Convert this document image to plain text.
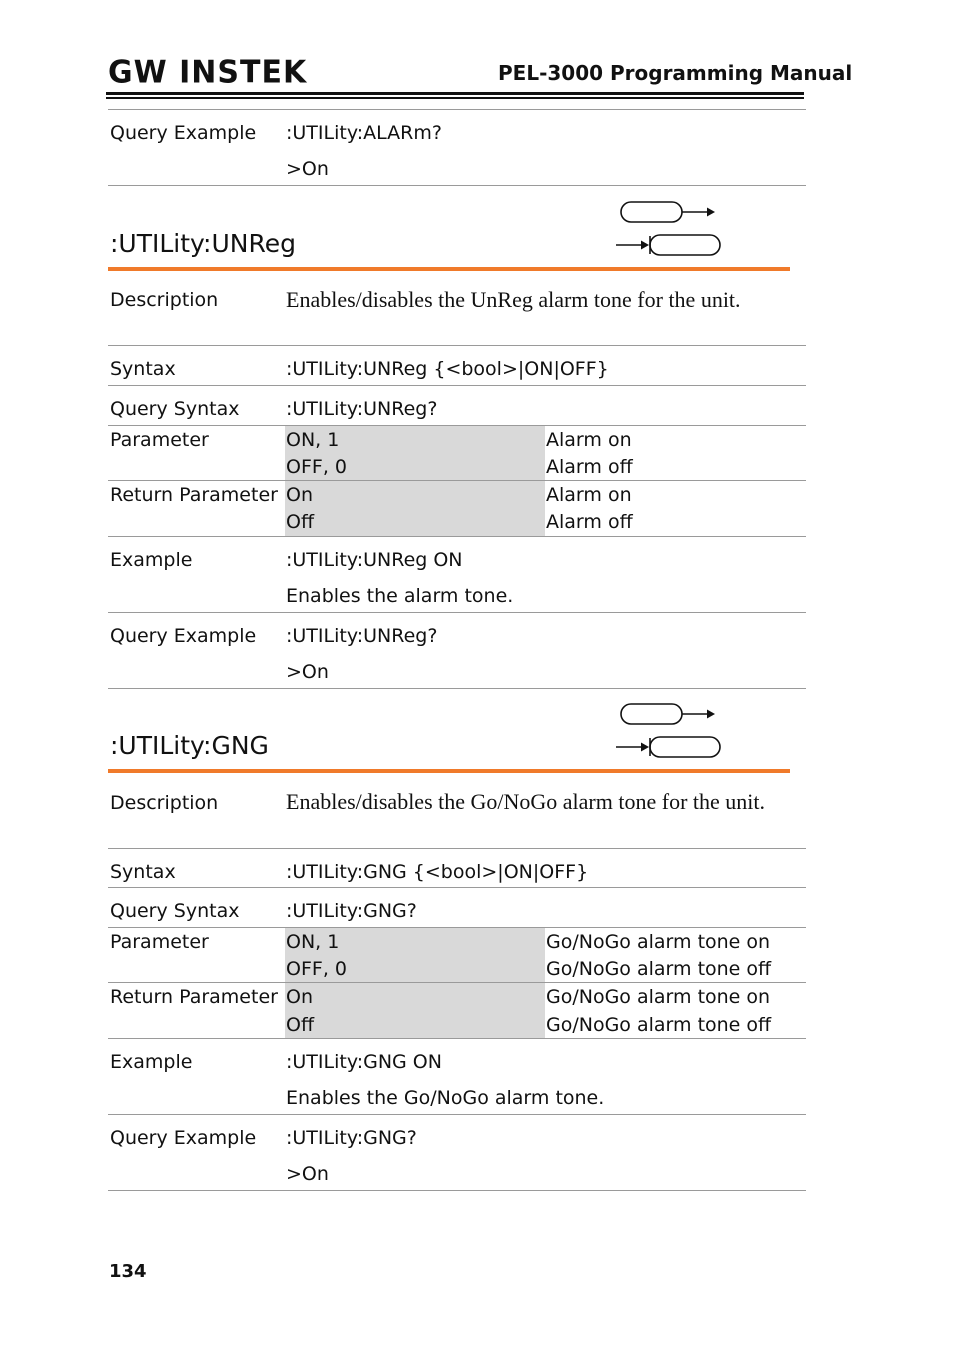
GW INSTEK	PEL-3000 Programming Manual
Query Example :UTILity:ALARm?
>On
:UTILity:UNReg
Description	Enables/disables the UnReg alarm tone for the unit.
Syntax	:UTILity:UNReg {<bool>|ON|OFF}
Query Syntax :UTILity:UNReg?
Parameter	ON, 1	Alarm on
OFF, 0	Alarm off
Return Parameter On	Alarm on
Off	Alarm off
Example	:UTILity:UNReg ON
Enables the alarm tone.
Query Example :UTILity:UNReg?
>On
:UTILity:GNG
Description	Enables/disables the Go/NoGo alarm tone for the unit.
Syntax	:UTILity:GNG {<bool>|ON|OFF}
Query Syntax :UTILity:GNG?
Parameter	ON, 1	Go/NoGo alarm tone on
OFF, 0	Go/NoGo alarm tone off
Return Parameter On	Go/NoGo alarm tone on
Off	Go/NoGo alarm tone off
Example	:UTILity:GNG ON
Enables the Go/NoGo alarm tone.
Query Example :UTILity:GNG?
>On
134
